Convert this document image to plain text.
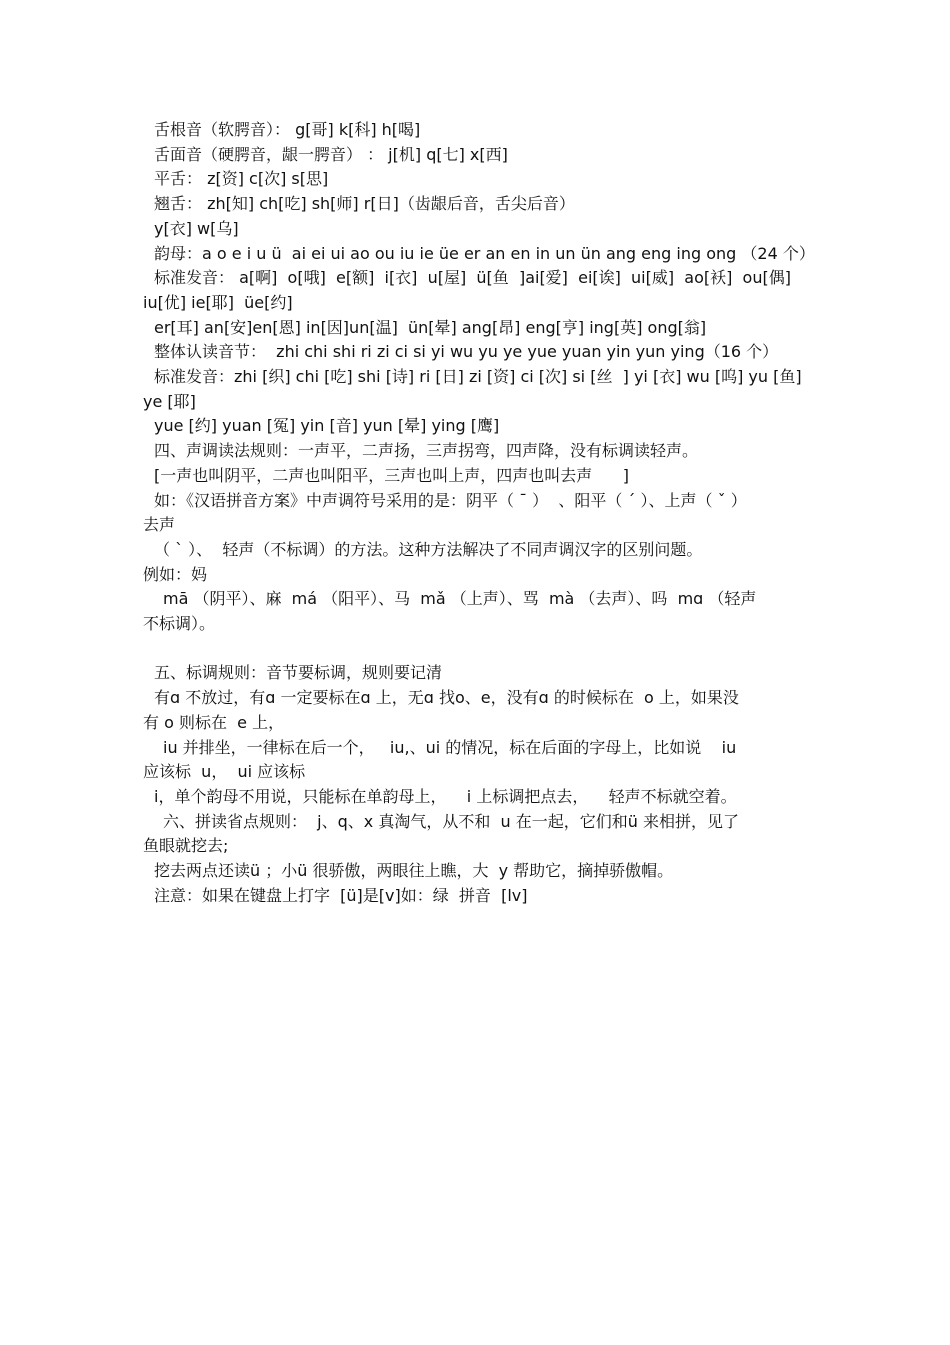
舌根音（软腭音）： g[哥] k[科] h[喝]
舌面音（硬腭音，龈一腭音） ： j[机] q[七] x[西]
平舌： z[资] c[次] s[思]
翘舌： zh[知] ch[吃] sh[师] r[日]（齿龈后音，舌尖后音）
y[衣] w[乌]
韵母：a o e i u ü  ai ei ui ao ou iu ie üe er an en in un ün ang eng ing ong （24 个）
标准发音： a[啊]  o[哦]  e[额]  i[衣]  u[屋]  ü[鱼  ]ai[爱]  ei[诶]  ui[威]  ao[袄]  ou[偶]
iu[优] ie[耶]  üe[约]
er[耳] an[安]en[恩] in[因]un[温]  ün[晕] ang[昂] eng[亨] ing[英] ong[翁]
整体认读音节：  zhi chi shi ri zi ci si yi wu yu ye yue yuan yin yun ying（16 个）
标准发音：zhi [织] chi [吃] shi [诗] ri [日] zi [资] ci [次] si [丝  ] yi [衣] wu [呜] yu [鱼]
ye [耶]
yue [约] yuan [冤] yin [音] yun [晕] ying [鹰]
四、声调读法规则：一声平，二声扬，三声拐弯，四声降，没有标调读轻声。
[一声也叫阴平，二声也叫阳平，三声也叫上声，四声也叫去声      ]
如：《汉语拼音方案》中声调符号采用的是：阴平（ ˉ ）  、阳平（ ˊ ）、上声（ ˇ ）
去声
（ ˋ ）、  轻声（不标调）的方法。这种方法解决了不同声调汉字的区别问题。
例如：妈
mā （阴平）、麻  má （阳平）、马  mǎ （上声）、骂  mà （去声）、吗  mɑ （轻声
不标调）。
五、标调规则：音节要标调，规则要记清
有ɑ 不放过，有ɑ 一定要标在ɑ 上，无ɑ 找o、e，没有ɑ 的时候标在  o 上，如果没
有 o 则标在  e 上，
iu 并排坐，一律标在后一个，   iu,、ui 的情况，标在后面的字母上，比如说    iu
应该标  u，  ui 应该标
i，单个韵母不用说，只能标在单韵母上，    i 上标调把点去，    轻声不标就空着。
六、拼读省点规则：  j、q、x 真淘气，从不和  u 在一起，它们和ü 来相拼，见了
鱼眼就挖去;
挖去两点还读ü ；小ü 很骄傲，两眼往上瞧，大  y 帮助它，摘掉骄傲帽。
注意：如果在键盘上打字  [ü]是[v]如：绿  拼音  [lv]
